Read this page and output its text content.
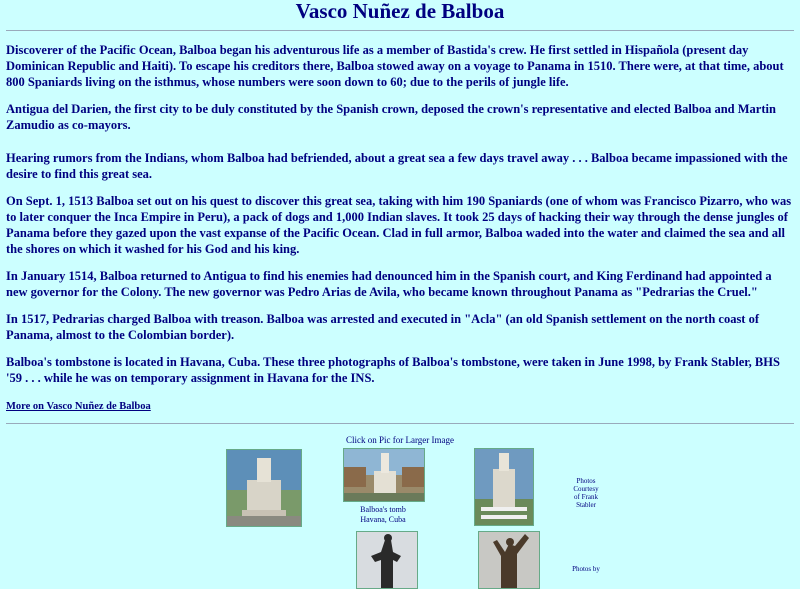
Vasco Nuñez de Balboa

Discoverer of the Pacific Ocean, Balboa began his adventurous life as a member of Bastida's crew. He first settled in Hispañola (present day Dominican Republic and Haiti). To escape his creditors there, Balboa stowed away on a voyage to Panama in 1510. There were, at that time, about 800 Spaniards living on the isthmus, whose numbers were soon down to 60; due to the perils of jungle life.

Antigua del Darien, the first city to be duly constituted by the Spanish crown, deposed the crown's representative and elected Balboa and Martin Zamudio as co-mayors.

Hearing rumors from the Indians, whom Balboa had befriended, about a great sea a few days travel away . . . Balboa became impassioned with the desire to find this great sea.

On Sept. 1, 1513 Balboa set out on his quest to discover this great sea, taking with him 190 Spaniards (one of whom was Francisco Pizarro, who was to later conquer the Inca Empire in Peru), a pack of dogs and 1,000 Indian slaves. It took 25 days of hacking their way through the dense jungles of Panama before they gazed upon the vast expanse of the Pacific Ocean. Clad in full armor, Balboa waded into the water and claimed the sea and all the shores on which it washed for his God and his king.

In January 1514, Balboa returned to Antigua to find his enemies had denounced him in the Spanish court, and King Ferdinand had appointed a new governor for the Colony. The new governor was Pedro Arias de Avila, who became known throughout Panama as "Pedrarias the Cruel."

In 1517, Pedrarias charged Balboa with treason. Balboa was arrested and executed in "Acla" (an old Spanish settlement on the north coast of Panama, almost to the Colombian border).

Balboa's tombstone is located in Havana, Cuba. These three photographs of Balboa's tombstone, were taken in June 1998, by Frank Stabler, BHS '59 . . . while he was on temporary assignment in Havana for the INS.

More on Vasco Nuñez de Balboa
Click on Pic for Larger Image
Balboa's tomb
Havana, Cuba
Photos
Courtesy
of Frank
Stabler
Photos by
